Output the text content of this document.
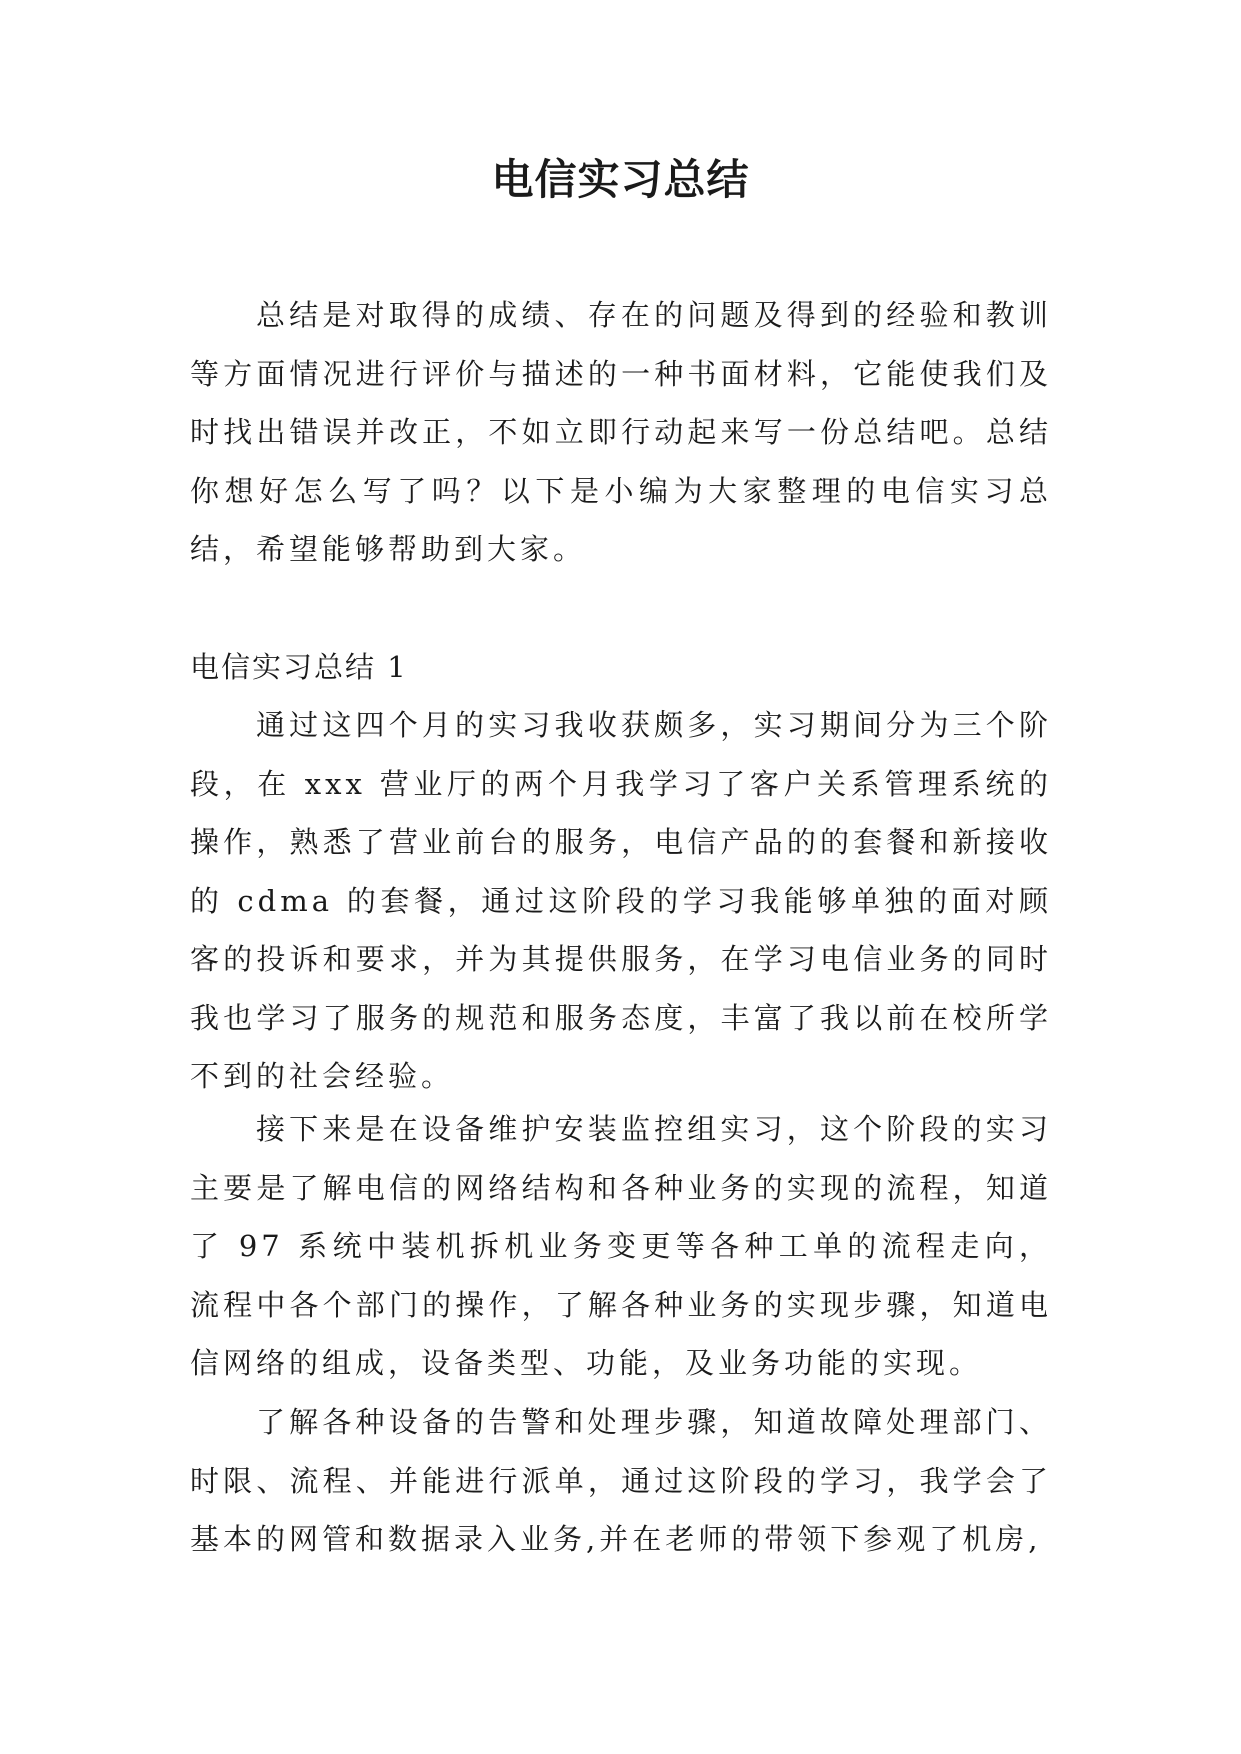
电信实习总结

总结是对取得的成绩、存在的问题及得到的经验和教训等方面情况进行评价与描述的一种书面材料，它能使我们及时找出错误并改正，不如立即行动起来写一份总结吧。总结你想好怎么写了吗？以下是小编为大家整理的电信实习总结，希望能够帮助到大家。

电信实习总结 1

通过这四个月的实习我收获颇多，实习期间分为三个阶段，在 xxx 营业厅的两个月我学习了客户关系管理系统的操作，熟悉了营业前台的服务，电信产品的的套餐和新接收的 cdma 的套餐，通过这阶段的学习我能够单独的面对顾客的投诉和要求，并为其提供服务，在学习电信业务的同时我也学习了服务的规范和服务态度，丰富了我以前在校所学不到的社会经验。

接下来是在设备维护安装监控组实习，这个阶段的实习主要是了解电信的网络结构和各种业务的实现的流程，知道了 97 系统中装机拆机业务变更等各种工单的流程走向，流程中各个部门的操作，了解各种业务的实现步骤，知道电信网络的组成，设备类型、功能，及业务功能的实现。

了解各种设备的告警和处理步骤，知道故障处理部门、时限、流程、并能进行派单，通过这阶段的学习，我学会了基本的网管和数据录入业务,并在老师的带领下参观了机房,
